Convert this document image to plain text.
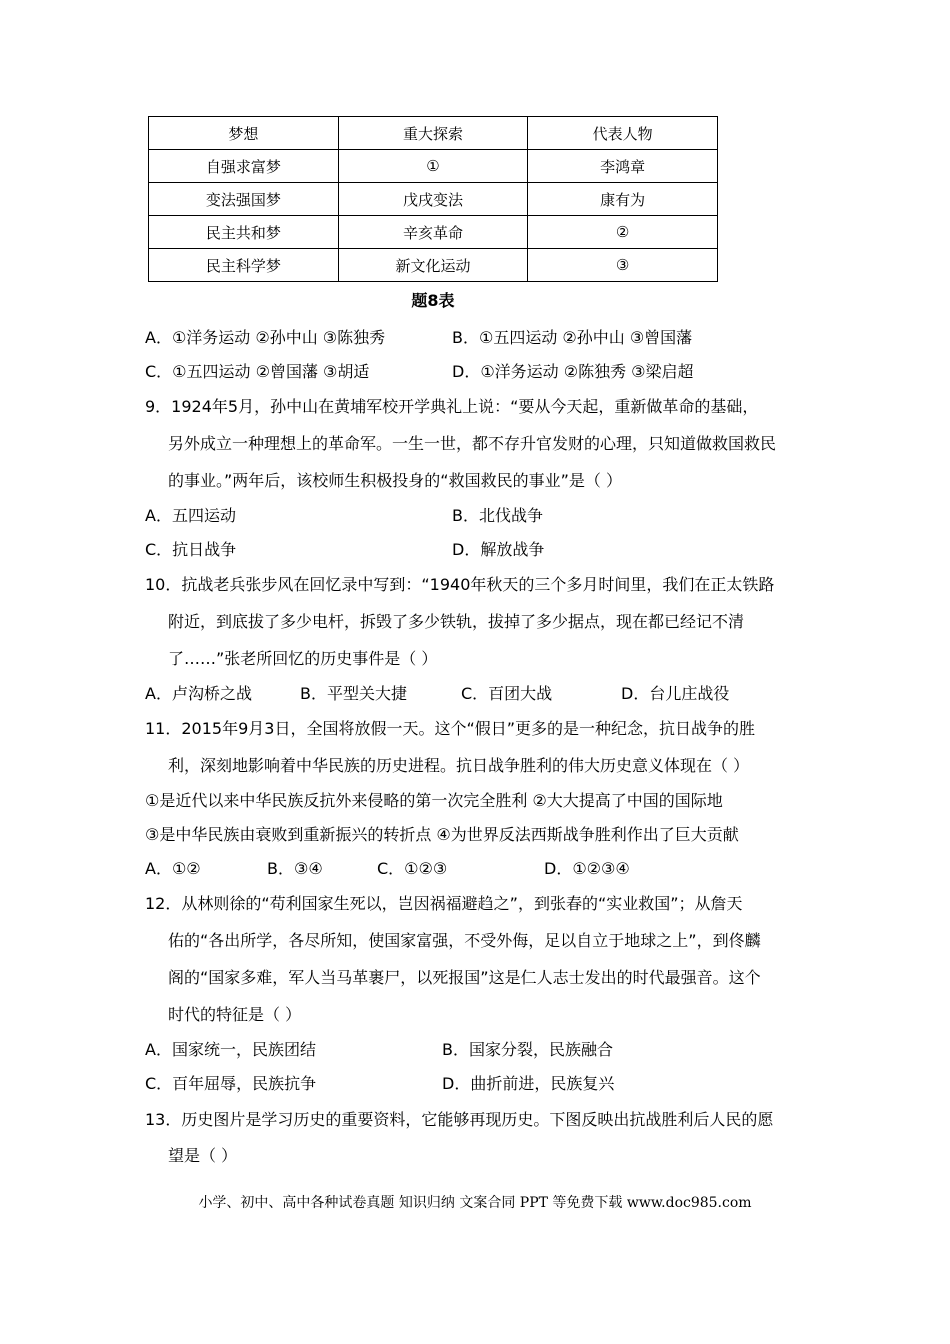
梦想	重大探索	代表人物
自强求富梦	①	李鸿章
变法强国梦	戊戌变法	康有为
民主共和梦	辛亥革命	②
民主科学梦	新文化运动	③
题8表
A．①洋务运动 ②孙中山 ③陈独秀	B．①五四运动 ②孙中山 ③曾国藩
C．①五四运动 ②曾国藩 ③胡适	D．①洋务运动 ②陈独秀 ③梁启超
9．1924年5月，孙中山在黄埔军校开学典礼上说：“要从今天起，重新做革命的基础，
另外成立一种理想上的革命军。一生一世，都不存升官发财的心理，只知道做救国救民
的事业。”两年后，该校师生积极投身的“救国救民的事业”是（ ）
A．五四运动	B．北伐战争
C．抗日战争	D．解放战争
10．抗战老兵张步风在回忆录中写到：“1940年秋天的三个多月时间里，我们在正太铁路
附近，到底拔了多少电杆，拆毁了多少铁轨，拔掉了多少据点，现在都已经记不清
了……”张老所回忆的历史事件是（ ）
A．卢沟桥之战	B．平型关大捷	C．百团大战	D．台儿庄战役
11．2015年9月3日，全国将放假一天。这个“假日”更多的是一种纪念，抗日战争的胜
利，深刻地影响着中华民族的历史进程。抗日战争胜利的伟大历史意义体现在（ ）
①是近代以来中华民族反抗外来侵略的第一次完全胜利 ②大大提高了中国的国际地
③是中华民族由衰败到重新振兴的转折点 ④为世界反法西斯战争胜利作出了巨大贡献
A．①②	B．③④	C．①②③	D．①②③④
12．从林则徐的“苟利国家生死以，岂因祸福避趋之”，到张春的“实业救国”；从詹天
佑的“各出所学，各尽所知，使国家富强，不受外侮，足以自立于地球之上”，到佟麟
阁的“国家多难，军人当马革裹尸，以死报国”这是仁人志士发出的时代最强音。这个
时代的特征是（ ）
A．国家统一，民族团结	B．国家分裂，民族融合
C．百年屈辱，民族抗争	D．曲折前进，民族复兴
13．历史图片是学习历史的重要资料，它能够再现历史。下图反映出抗战胜利后人民的愿
望是（ ）
小学、初中、高中各种试卷真题 知识归纳 文案合同 PPT 等免费下载 www.doc985.com
